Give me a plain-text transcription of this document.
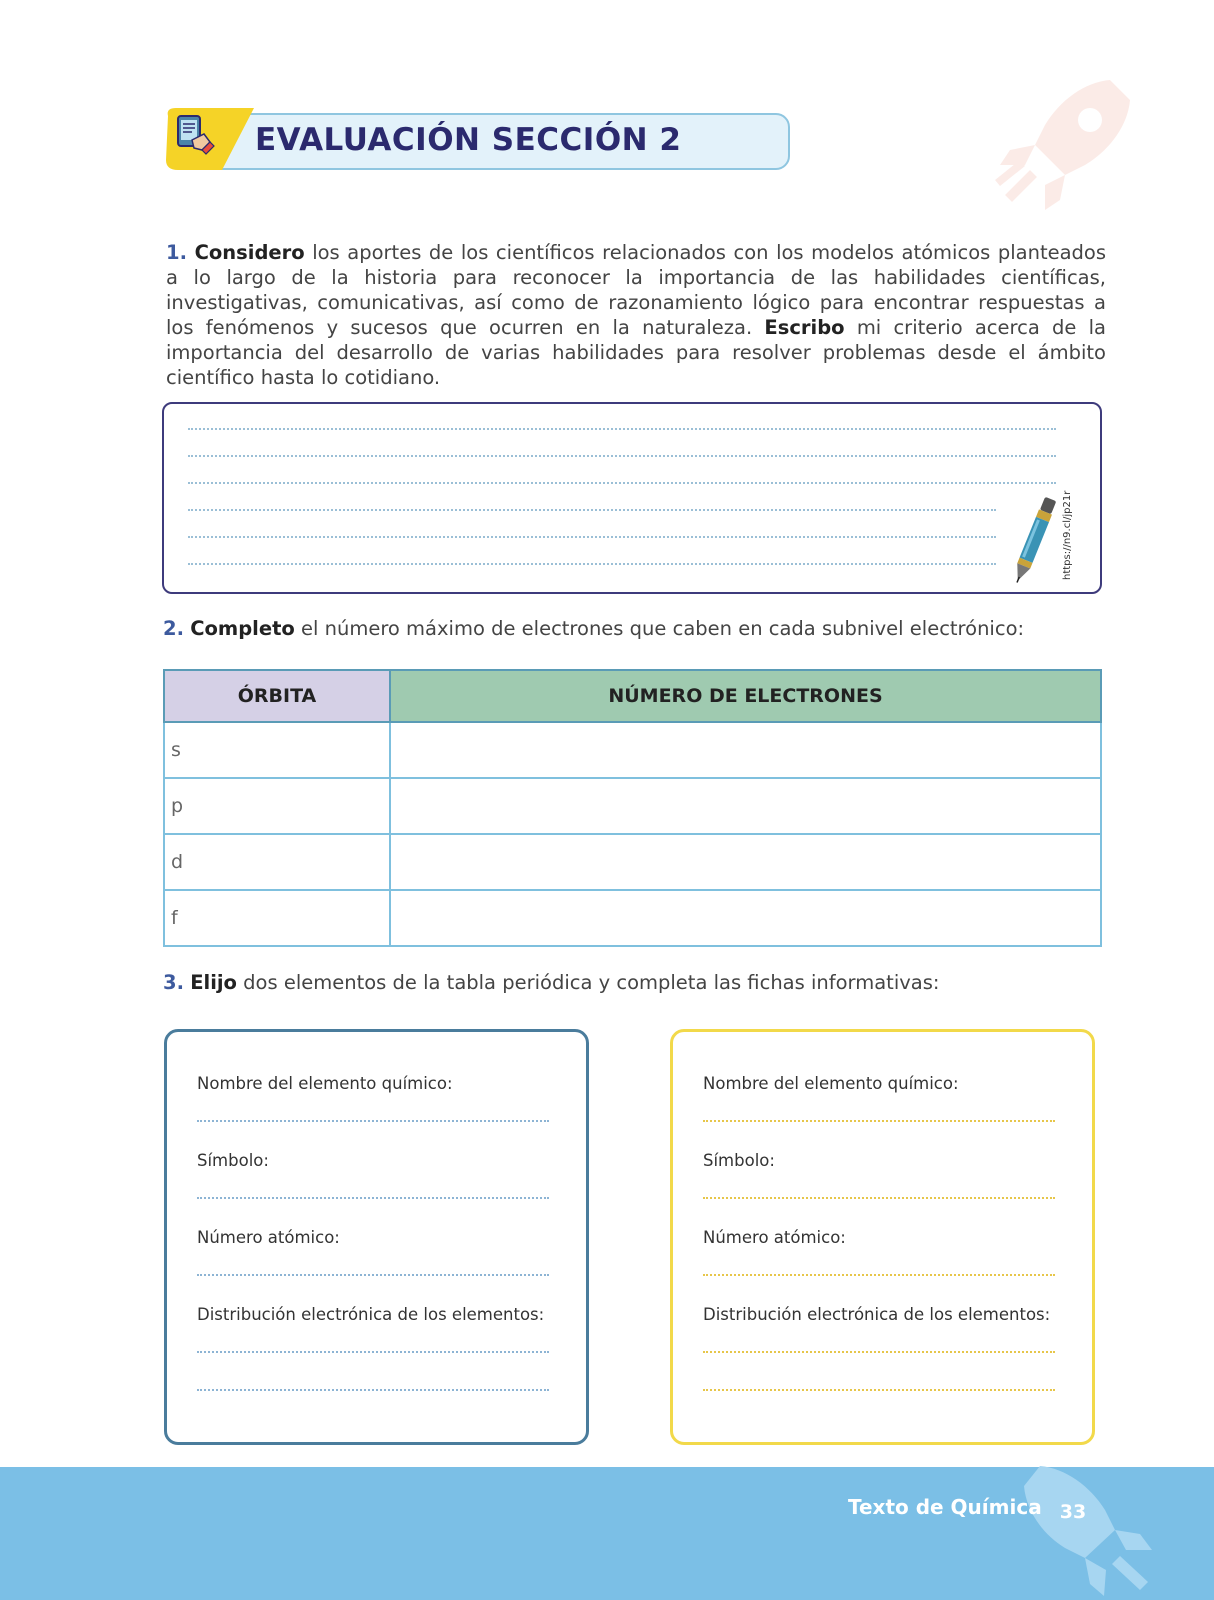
EVALUACIÓN SECCIÓN 2
1. Considero los aportes de los científicos relacionados con los modelos atómicos planteados a lo largo de la historia para reconocer la importancia de las habilidades científicas, investigativas, comunicativas, así como de razonamiento lógico para encontrar respuestas a los fenómenos y sucesos que ocurren en la naturaleza. Escribo mi criterio acerca de la importancia del desarrollo de varias habilidades para resolver problemas desde el ámbito científico hasta lo cotidiano.
https://n9.cl/jp21r
2. Completo el número máximo de electrones que caben en cada subnivel electrónico:
ÓRBITA	NÚMERO DE ELECTRONES
s	
p	
d	
f	
3. Elijo dos elementos de la tabla periódica y completa las fichas informativas:
Nombre del elemento químico:
Símbolo:
Número atómico:
Distribución electrónica de los elementos:
Nombre del elemento químico:
Símbolo:
Número atómico:
Distribución electrónica de los elementos:
Texto de Química 33
